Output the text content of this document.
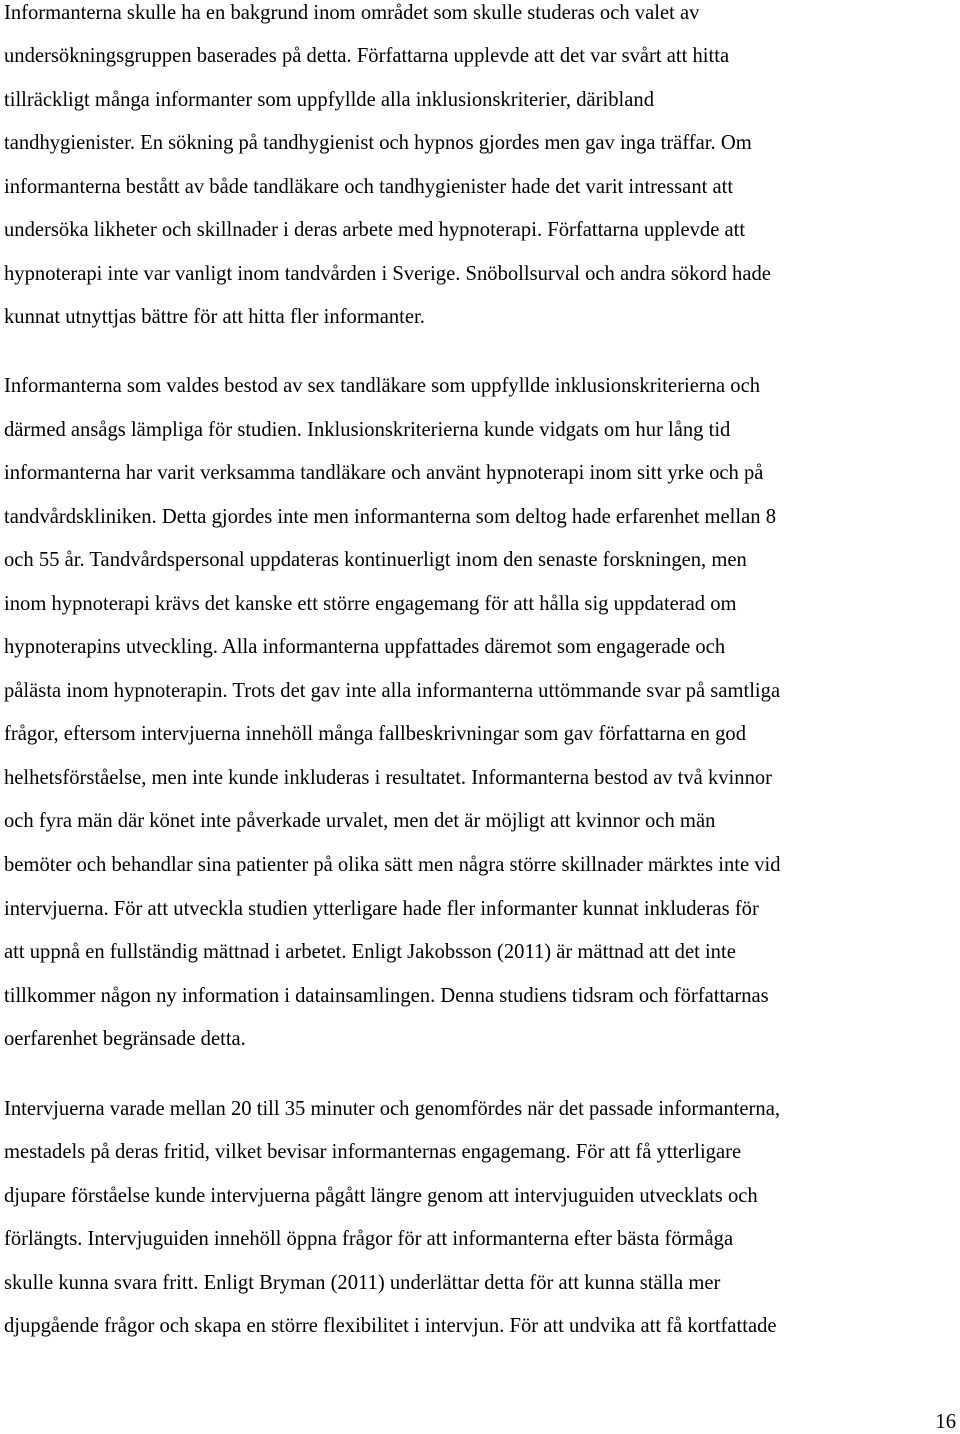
Informanterna skulle ha en bakgrund inom området som skulle studeras och valet av
undersökningsgruppen baserades på detta. Författarna upplevde att det var svårt att hitta
tillräckligt många informanter som uppfyllde alla inklusionskriterier, däribland
tandhygienister. En sökning på tandhygienist och hypnos gjordes men gav inga träffar. Om
informanterna bestått av både tandläkare och tandhygienister hade det varit intressant att
undersöka likheter och skillnader i deras arbete med hypnoterapi. Författarna upplevde att
hypnoterapi inte var vanligt inom tandvården i Sverige. Snöbollsurval och andra sökord hade
kunnat utnyttjas bättre för att hitta fler informanter.
Informanterna som valdes bestod av sex tandläkare som uppfyllde inklusionskriterierna och
därmed ansågs lämpliga för studien. Inklusionskriterierna kunde vidgats om hur lång tid
informanterna har varit verksamma tandläkare och använt hypnoterapi inom sitt yrke och på
tandvårdskliniken. Detta gjordes inte men informanterna som deltog hade erfarenhet mellan 8
och 55 år. Tandvårdspersonal uppdateras kontinuerligt inom den senaste forskningen, men
inom hypnoterapi krävs det kanske ett större engagemang för att hålla sig uppdaterad om
hypnoterapins utveckling. Alla informanterna uppfattades däremot som engagerade och
pålästa inom hypnoterapin. Trots det gav inte alla informanterna uttömmande svar på samtliga
frågor, eftersom intervjuerna innehöll många fallbeskrivningar som gav författarna en god
helhetsförståelse, men inte kunde inkluderas i resultatet. Informanterna bestod av två kvinnor
och fyra män där könet inte påverkade urvalet, men det är möjligt att kvinnor och män
bemöter och behandlar sina patienter på olika sätt men några större skillnader märktes inte vid
intervjuerna. För att utveckla studien ytterligare hade fler informanter kunnat inkluderas för
att uppnå en fullständig mättnad i arbetet. Enligt Jakobsson (2011) är mättnad att det inte
tillkommer någon ny information i datainsamlingen. Denna studiens tidsram och författarnas
oerfarenhet begränsade detta.
Intervjuerna varade mellan 20 till 35 minuter och genomfördes när det passade informanterna,
mestadels på deras fritid, vilket bevisar informanternas engagemang. För att få ytterligare
djupare förståelse kunde intervjuerna pågått längre genom att intervjuguiden utvecklats och
förlängts. Intervjuguiden innehöll öppna frågor för att informanterna efter bästa förmåga
skulle kunna svara fritt. Enligt Bryman (2011) underlättar detta för att kunna ställa mer
djupgående frågor och skapa en större flexibilitet i intervjun. För att undvika att få kortfattade
16
